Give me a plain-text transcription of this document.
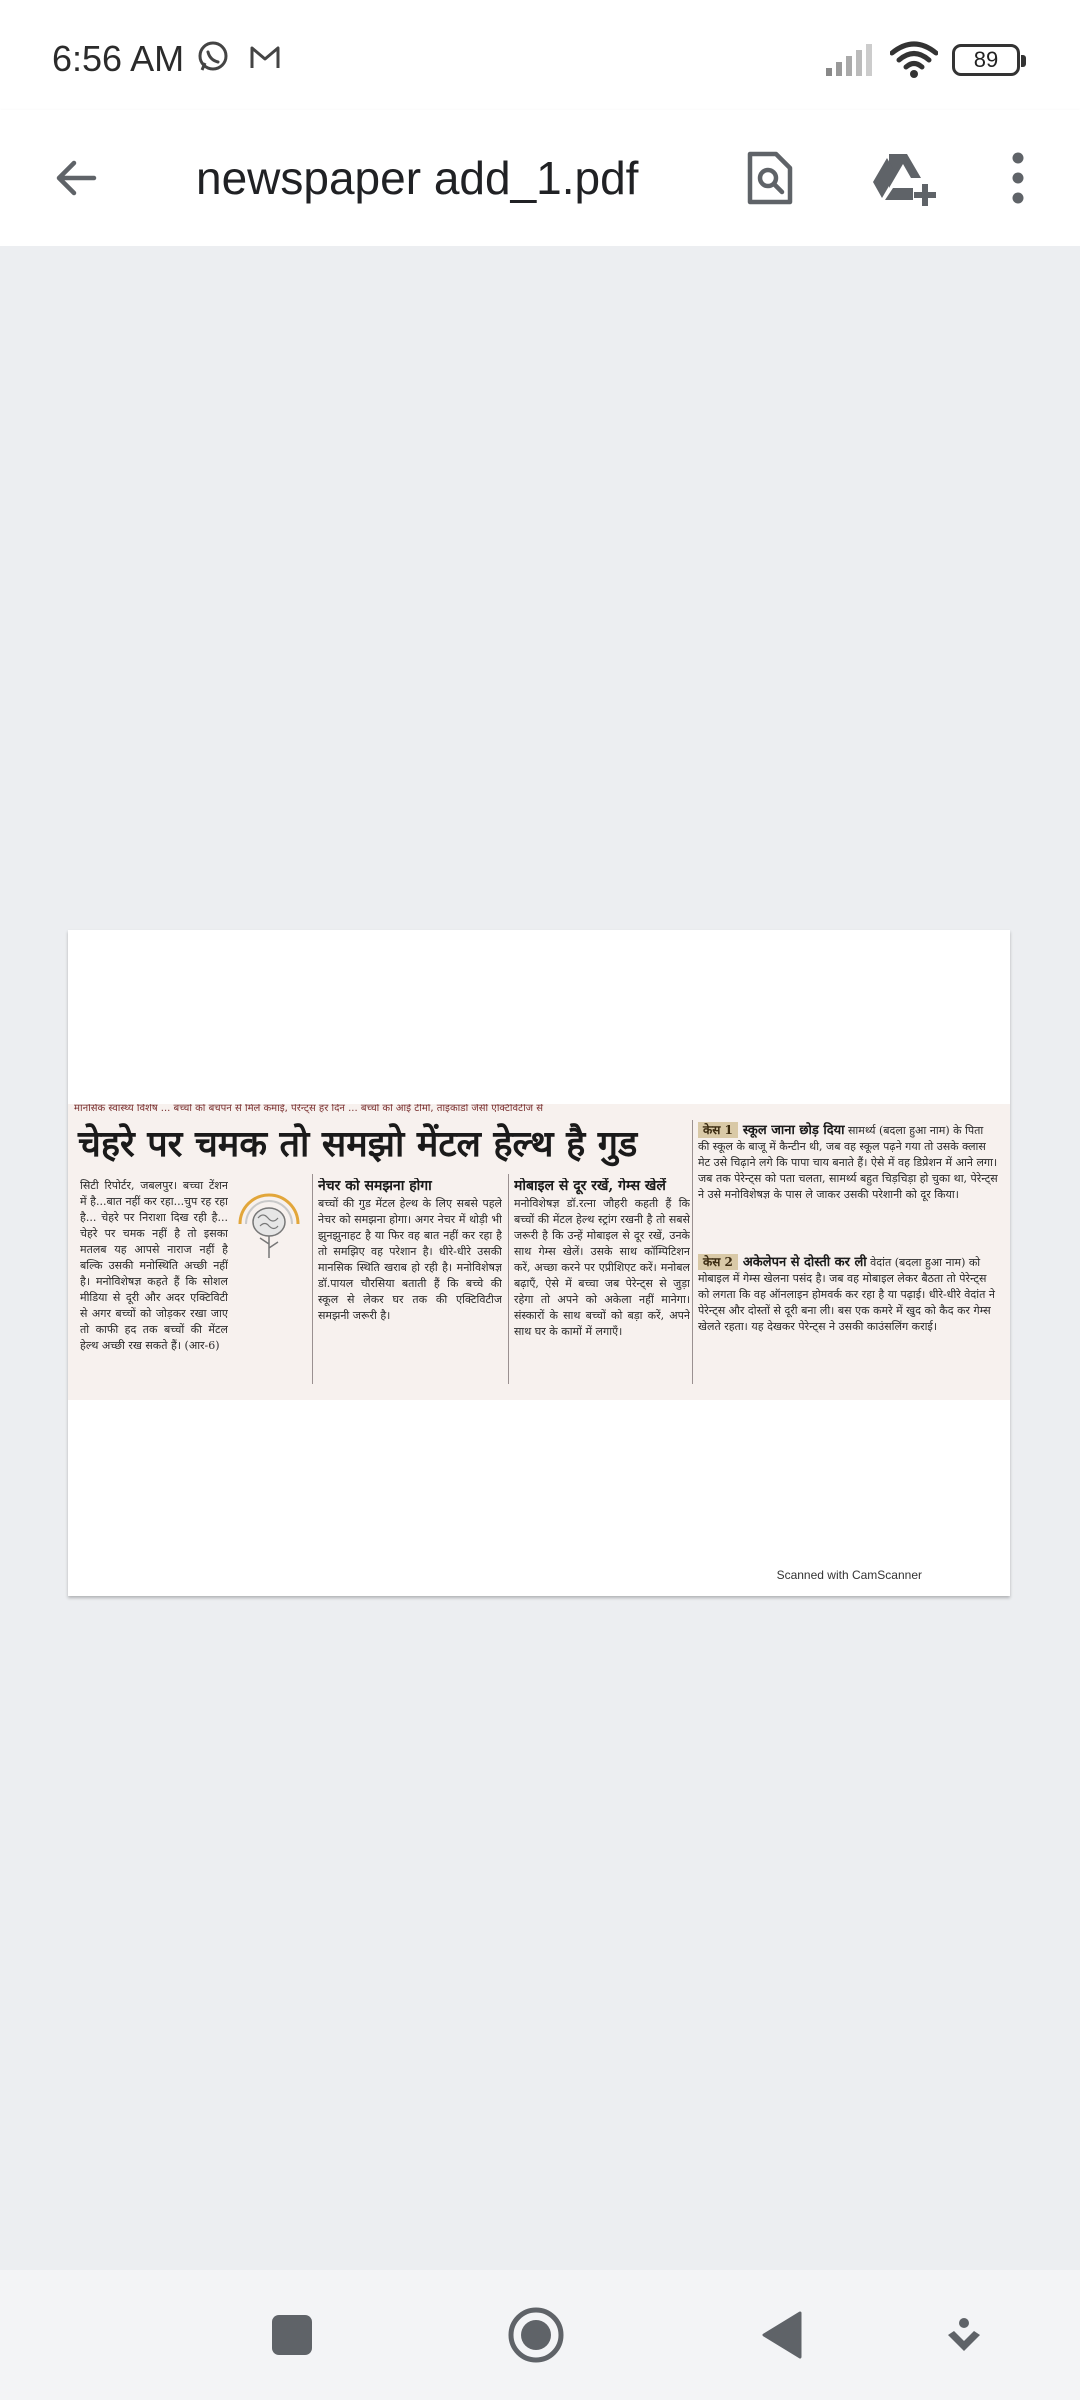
6:56 AM	89
newspaper add_1.pdf
मानसिक स्वास्थ्य विशेष ... बच्चों को बचपन से मिले कमाई, पेरेन्ट्स हर दिन ... बच्चों को आई टीमों, ताइकांडो जैसी एक्टिविटीज से
चेहरे पर चमक तो समझो मेंटल हेल्थ है गुड
सिटी रिपोर्टर, जबलपुर। बच्चा टेंशन में है...बात नहीं कर रहा...चुप रह रहा है... चेहरे पर निराशा दिख रही है... चेहरे पर चमक नहीं है तो इसका मतलब यह आपसे नाराज नहीं है बल्कि उसकी मनोस्थिति अच्छी नहीं है। मनोविशेषज्ञ कहते हैं कि सोशल मीडिया से दूरी और अदर एक्टिविटी से अगर बच्चों को जोड़कर रखा जाए तो काफी हद तक बच्चों की मेंटल हेल्थ अच्छी रख सकते हैं। (आर-6)
नेचर को समझना होगा
बच्चों की गुड मेंटल हेल्थ के लिए सबसे पहले नेचर को समझना होगा। अगर नेचर में थोड़ी भी झुनझुनाहट है या फिर वह बात नहीं कर रहा है तो समझिए वह परेशान है। धीरे-धीरे उसकी मानसिक स्थिति खराब हो रही है। मनोविशेषज्ञ डॉ.पायल चौरसिया बताती हैं कि बच्चे की स्कूल से लेकर घर तक की एक्टिविटीज समझनी जरूरी है।
मोबाइल से दूर रखें, गेम्स खेलें
मनोविशेषज्ञ डॉ.रत्ना जौहरी कहती हैं कि बच्चों की मेंटल हेल्थ स्ट्रांग रखनी है तो सबसे जरूरी है कि उन्हें मोबाइल से दूर रखें, उनके साथ गेम्स खेलें। उसके साथ कॉम्पिटिशन करें, अच्छा करने पर एप्रीशिएट करें। मनोबल बढ़ाएँ, ऐसे में बच्चा जब पेरेन्ट्स से जुड़ा रहेगा तो अपने को अकेला नहीं मानेगा। संस्कारों के साथ बच्चों को बड़ा करें, अपने साथ घर के कामों में लगाएँ।
केस 1 स्कूल जाना छोड़ दिया सामर्थ्य (बदला हुआ नाम) के पिता की स्कूल के बाजू में कैन्टीन थी, जब वह स्कूल पढ़ने गया तो उसके क्लास मेट उसे चिढ़ाने लगे कि पापा चाय बनाते हैं। ऐसे में वह डिप्रेशन में आने लगा। जब तक पेरेन्ट्स को पता चलता, सामर्थ्य बहुत चिड़चिड़ा हो चुका था, पेरेन्ट्स ने उसे मनोविशेषज्ञ के पास ले जाकर उसकी परेशानी को दूर किया।
केस 2 अकेलेपन से दोस्ती कर ली वेदांत (बदला हुआ नाम) को मोबाइल में गेम्स खेलना पसंद है। जब वह मोबाइल लेकर बैठता तो पेरेन्ट्स को लगता कि वह ऑनलाइन होमवर्क कर रहा है या पढ़ाई। धीरे-धीरे वेदांत ने पेरेन्ट्स और दोस्तों से दूरी बना ली। बस एक कमरे में खुद को कैद कर गेम्स खेलते रहता। यह देखकर पेरेन्ट्स ने उसकी काउंसलिंग कराई।
Scanned with CamScanner
